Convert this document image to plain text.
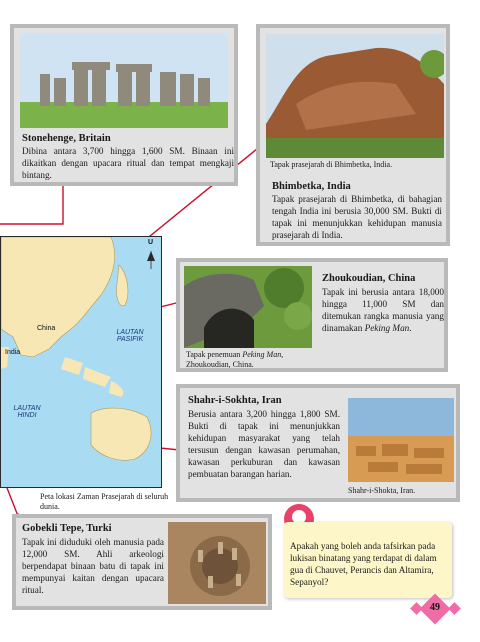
Stonehenge, Britain
Dibina antara 3,700 hingga 1,600 SM. Binaan ini dikaitkan dengan upacara ritual dan tempat mengkaji bintang.
Tapak prasejarah di Bhimbetka, India.
Bhimbetka, India
Tapak prasejarah di Bhimbetka, di bahagian tengah India ini berusia 30,000 SM. Bukti di tapak ini menunjukkan kehidupan manusia prasejarah di India.
U
China
India
LAUTAN PASIFIK
LAUTAN HINDI
Peta lokasi Zaman Prasejarah di seluruh dunia.
Tapak penemuan Peking Man, Zhoukoudian, China.
Zhoukoudian, China
Tapak ini berusia antara 18,000 hingga 11,000 SM dan ditemukan rangka manusia yang dinamakan Peking Man.
Shahr-i-Sokhta, Iran
Berusia antara 3,200 hingga 1,800 SM. Bukti di tapak ini menunjukkan kehidupan masyarakat yang telah tersusun dengan kawasan perumahan, kawasan perkuburan dan kawasan pembuatan barangan harian.
Shahr-i-Shokta, Iran.
Gobekli Tepe, Turki
Tapak ini diduduki oleh manusia pada 12,000 SM. Ahli arkeologi berpendapat binaan batu di tapak ini mempunyai kaitan dengan upacara ritual.
Apakah yang boleh anda tafsirkan pada lukisan binatang yang terdapat di dalam gua di Chauvet, Perancis dan Altamira, Sepanyol?
49
